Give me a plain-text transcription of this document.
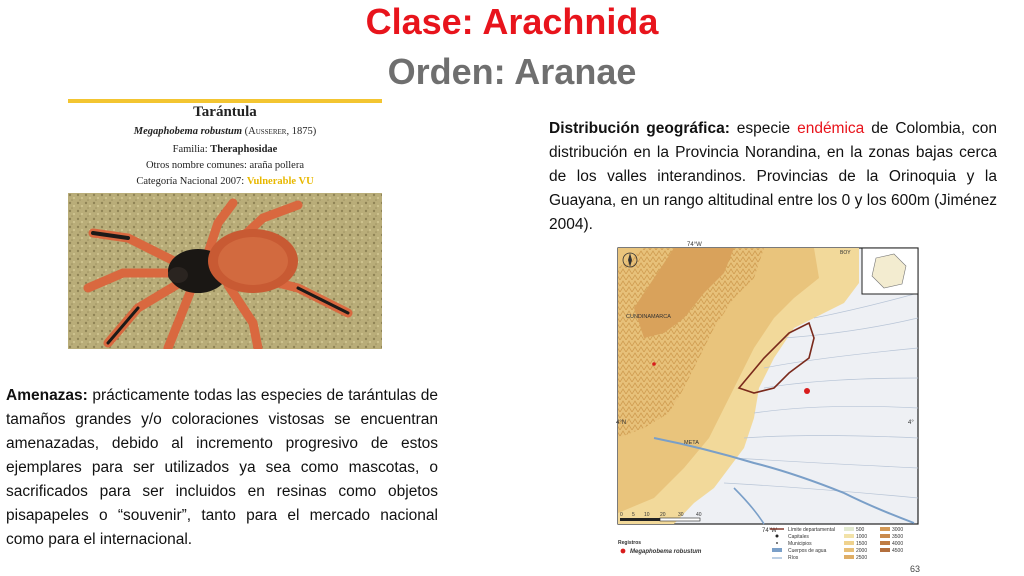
Clase: Arachnida
Orden: Aranae
Tarántula
Megaphobema robustum (Ausserer, 1875)
Familia: Theraphosidae
Otros nombre comunes: araña pollera
Categoría Nacional 2007: Vulnerable VU
Distribución geográfica: especie endémica de Colombia, con distribución en la Provincia Norandina, en la zonas bajas cerca de los valles interandinos. Provincias de la Orinoquia y la Guayana, en un rango altitudinal entre los 0 y los 600m (Jiménez 2004).
Amenazas: prácticamente todas las especies de tarántulas de tamaños grandes y/o coloraciones vistosas se encuentran amenazadas, debido al incremento progresivo de estos ejemplares para ser utilizados ya sea como mascotas, o sacrificados para ser incluidos en resinas como objetos pisapapeles o “souvenir”, tanto para el mercado nacional como para el internacional.
74°W
74°W
4°N	4°
CUNDINAMARCA
META
BOY
0 5 10 20 30 40
Límite departamental
Capitales
Municipios
Cuerpos de agua
Ríos
Registros
Megaphobema robustum
500
1000
1500
2000
2500
3000
3500
4000
4500
63
